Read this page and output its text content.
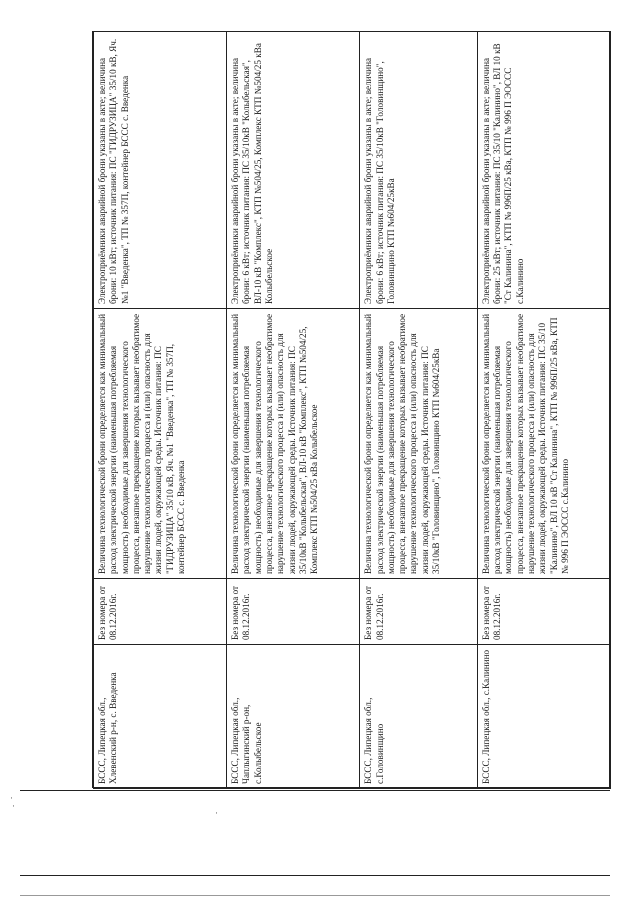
БССС, Липецкая обл., Хлевенский р-н, с. Введенка	Без номера от 08.12.2016г.	Величина технологической брони определяется как минимальный расход электрической энергии (наименьшая потребляемая мощность) необходимые для завершения технологического процесса, внезапное прекращение которых вызывает необратимое нарушение технологического процесса и (или) опасность для жизни людей, окружающей среды. Источник питания: ПС "ГИДРУЗИЦА" 35/10 кВ, Яч. №1 "Введенка", ТП № 357П, контейнер БССС с. Введенка	Электроприёмники аварийной брони указаны в акте; величина брони: 10 кВт; источник питания: ПС "ГИДРУЗИЦА" 35/10 кВ, Яч. №1 "Введенка", ТП № 357П, контейнер БССС с. Введенка
БССС, Липецкая обл., Чаплыгинский р-он, с.Колыбельское	Без номера от 08.12.2016г.	Величина технологической брони определяется как минимальный расход электрической энергии (наименьшая потребляемая мощность) необходимые для завершения технологического процесса, внезапное прекращение которых вызывает необратимое нарушение технологического процесса и (или) опасность для жизни людей, окружающей среды. Источник питания: ПС 35/10кВ "Колыбельская", ВЛ-10 кВ "Комплекс", КТП №504/25, Комплекс КТП №504/25 кВа Колыбельское	Электроприёмники аварийной брони указаны в акте; величина брони: 6 кВт; источник питания: ПС 35/10кВ "Колыбельская", ВЛ-10 кВ "Комплекс", КТП №504/25, Комплекс КТП №504/25 кВа Колыбельское
БССС, Липецкая обл., с.Головинщино	Без номера от 08.12.2016г.	Величина технологической брони определяется как минимальный расход электрической энергии (наименьшая потребляемая мощность) необходимые для завершения технологического процесса, внезапное прекращение которых вызывает необратимое нарушение технологического процесса и (или) опасность для жизни людей, окружающей среды. Источник питания: ПС 35/10кВ "Головинщино", Головинщино КТП №604/25кВа	Электроприёмники аварийной брони указаны в акте; величина брони: 6 кВт; источник питания: ПС 35/10кВ "Головинщино", Головинщино КТП №604/25кВа
БССС, Липецкая обл., с.Калинино	Без номера от 08.12.2016г.	Величина технологической брони определяется как минимальный расход электрической энергии (наименьшая потребляемая мощность) необходимые для завершения технологического процесса, внезапное прекращение которых вызывает необратимое нарушение технологического процесса и (или) опасность для жизни людей, окружающей среды. Источник питания: ПС 35/10 "Калинино", ВЛ 10 кВ "Ст Калинина", КТП № 996П/25 кВа, КТП № 996 П ЭОССС с.Калинино	Электроприёмники аварийной брони указаны в акте; величина брони: 25 кВт; источник питания: ПС 35/10 "Калинино", ВЛ 10 кВ "Ст Калинина", КТП № 996П/25 кВа, КТП № 996 П ЭОССС с.Калинино
·
·
·
